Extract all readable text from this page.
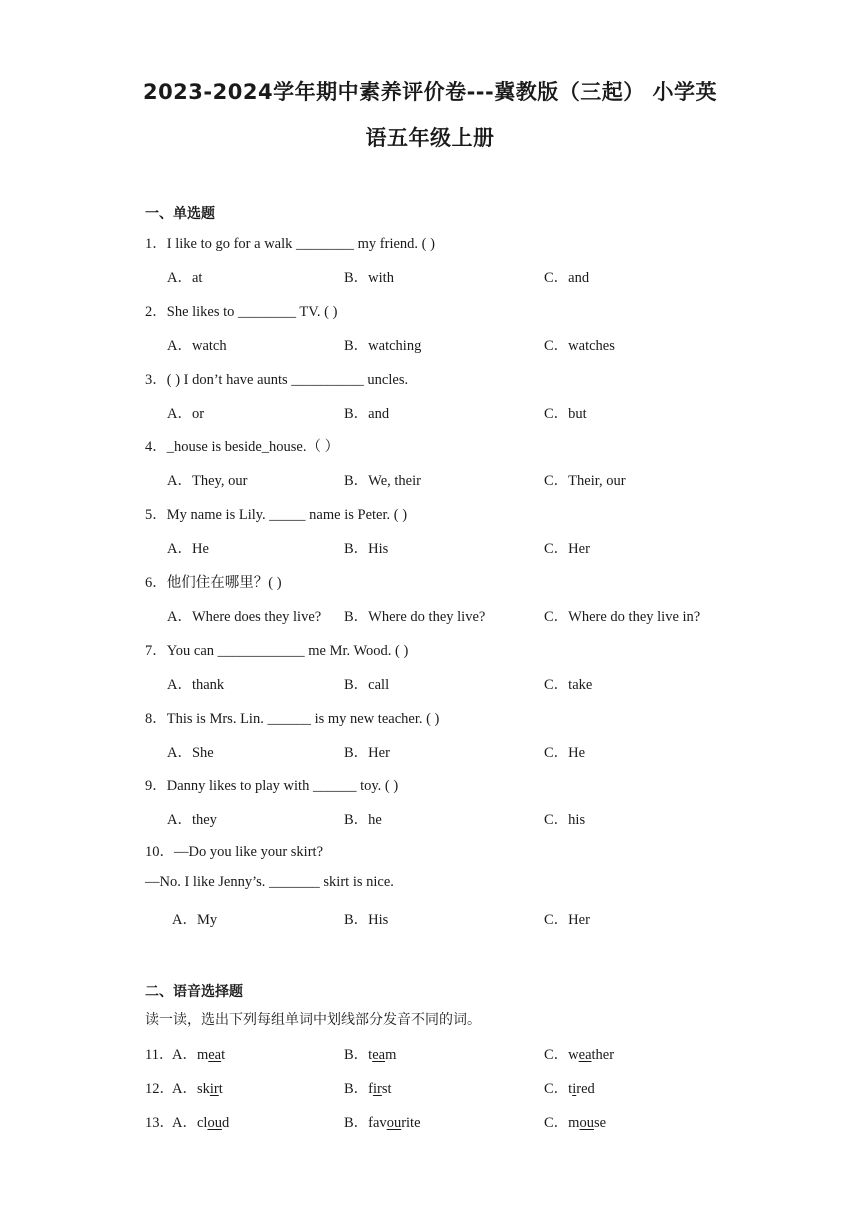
2023-2024学年期中素养评价卷---冀教版（三起） 小学英
语五年级上册
一、单选题
1．I like to go for a walk ________ my friend. ( )
A．at	B．with	C．and
2．She likes to ________ TV. ( )
A．watch	B．watching	C．watches
3．( ) I don’t have aunts __________ uncles.
A．or	B．and	C．but
4．_house is beside_house.（ ）
A．They, our	B．We, their	C．Their, our
5．My name is Lily. _____ name is Peter. ( )
A．He	B．His	C．Her
6．他们住在哪里？( )
A．Where does they live? B．Where do they live?	C．Where do they live in?
7．You can ____________ me Mr. Wood. ( )
A．thank	B．call	C．take
8．This is Mrs. Lin. ______ is my new teacher. ( )
A．She	B．Her	C．He
9．Danny likes to play with ______ toy. ( )
A．they	B．he	C．his
10．—Do you like your skirt?
—No. I like Jenny’s. _______ skirt is nice.
A．My	B．His	C．Her
二、语音选择题
读一读，选出下列每组单词中划线部分发音不同的词。
11．
A．meat	B．team	C．weather
12．
A．skirt	B．first	C．tired
13．
A．cloud	B．favourite	C．mouse
